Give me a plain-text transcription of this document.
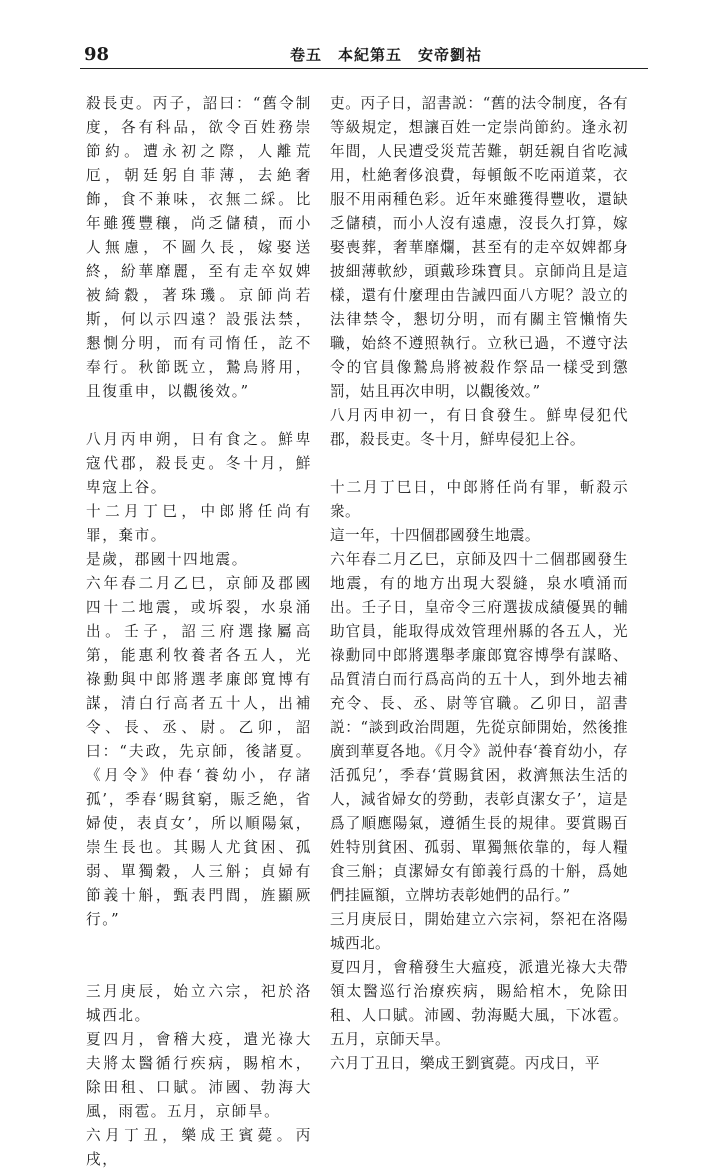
98	卷五　本紀第五　安帝劉祜

殺長吏。丙子，詔曰：“舊令制度，各有科品，欲令百姓務崇節約。遭永初之際，人離荒厄，朝廷躬自菲薄，去絶奢飾，食不兼味，衣無二綵。比年雖獲豐穰，尚乏儲積，而小人無慮，不圖久長，嫁娶送終，紛華靡麗，至有走卒奴婢被綺縠，著珠璣。京師尚若斯，何以示四遠？設張法禁，懇惻分明，而有司惰任，訖不奉行。秋節既立，鷙鳥將用，且復重申，以觀後效。”

八月丙申朔，日有食之。鮮卑寇代郡，殺長吏。冬十月，鮮卑寇上谷。

十二月丁巳，中郎將任尚有罪，棄市。

是歲，郡國十四地震。

六年春二月乙巳，京師及郡國四十二地震，或坼裂，水泉涌出。壬子，詔三府選掾屬高第，能惠利牧養者各五人，光祿勳與中郎將選孝廉郎寬博有謀，清白行高者五十人，出補令、長、丞、尉。乙卯，詔曰：“夫政，先京師，後諸夏。《月令》仲春‘養幼小，存諸孤’，季春‘賜貧窮，賑乏絶，省婦使，表貞女’，所以順陽氣，崇生長也。其賜人尤貧困、孤弱、單獨穀，人三斛；貞婦有節義十斛，甄表門閭，旌顯厥行。”

三月庚辰，始立六宗，祀於洛城西北。

夏四月，會稽大疫，遣光祿大夫將太醫循行疾病，賜棺木，除田租、口賦。沛國、勃海大風，雨雹。五月，京師旱。

六月丁丑，樂成王賓薨。丙戌，

吏。丙子日，詔書説：“舊的法令制度，各有等級規定，想讓百姓一定崇尚節約。逢永初年間，人民遭受災荒苦難，朝廷親自省吃減用，杜絶奢侈浪費，每頓飯不吃兩道菜，衣服不用兩種色彩。近年來雖獲得豐收，還缺乏儲積，而小人沒有遠慮，沒長久打算，嫁娶喪葬，奢華靡爛，甚至有的走卒奴婢都身披細薄軟紗，頭戴珍珠寶貝。京師尚且是這樣，還有什麼理由告誡四面八方呢？設立的法律禁令，懇切分明，而有關主管懶惰失職，始終不遵照執行。立秋已過，不遵守法令的官員像鷙鳥將被殺作祭品一樣受到懲罰，姑且再次申明，以觀後效。”

八月丙申初一，有日食發生。鮮卑侵犯代郡，殺長吏。冬十月，鮮卑侵犯上谷。

十二月丁巳日，中郎將任尚有罪，斬殺示衆。

這一年，十四個郡國發生地震。

六年春二月乙巳，京師及四十二個郡國發生地震，有的地方出現大裂縫，泉水噴涌而出。壬子日，皇帝令三府選拔成績優異的輔助官員，能取得成效管理州縣的各五人，光祿勳同中郎將選舉孝廉郎寬容博學有謀略、品質清白而行爲高尚的五十人，到外地去補充令、長、丞、尉等官職。乙卯日，詔書説：“談到政治問題，先從京師開始，然後推廣到華夏各地。《月令》説仲春‘養育幼小，存活孤兒’，季春‘賞賜貧困，救濟無法生活的人，減省婦女的勞動，表彰貞潔女子’，這是爲了順應陽氣，遵循生長的規律。要賞賜百姓特別貧困、孤弱、單獨無依靠的，每人糧食三斛；貞潔婦女有節義行爲的十斛，爲她們挂匾額，立牌坊表彰她們的品行。”

三月庚辰日，開始建立六宗祠，祭祀在洛陽城西北。

夏四月，會稽發生大瘟疫，派遣光祿大夫帶領太醫巡行治療疾病，賜給棺木，免除田租、人口賦。沛國、勃海颳大風，下冰雹。五月，京師天旱。

六月丁丑日，樂成王劉賓薨。丙戌日，平
